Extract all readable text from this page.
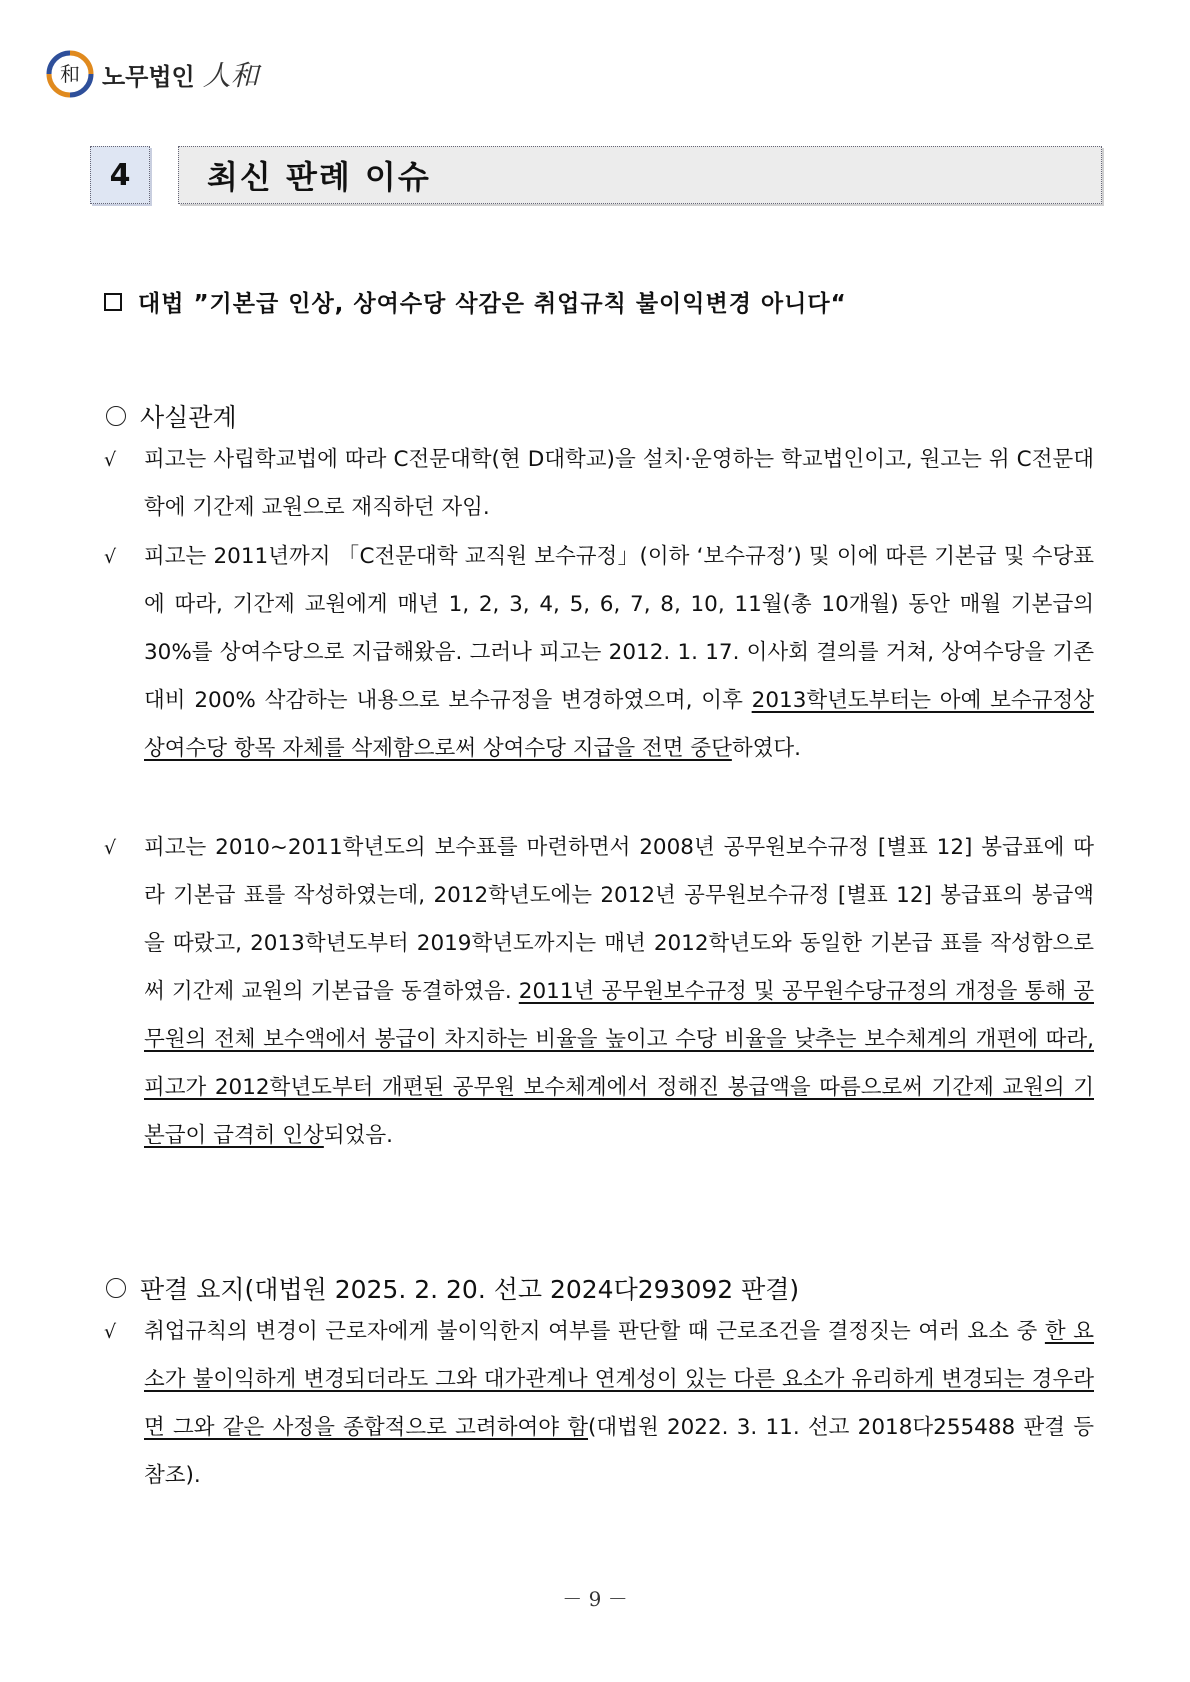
和 노무법인 人和
4	최신 판례 이슈
대법 ”기본급 인상, 상여수당 삭감은 취업규칙 불이익변경 아니다“
사실관계
√	피고는 사립학교법에 따라 C전문대학(현 D대학교)을 설치·운영하는 학교법인이고, 원고는 위 C전문대학에 기간제 교원으로 재직하던 자임.
√	피고는 2011년까지 「C전문대학 교직원 보수규정」(이하 ‘보수규정’) 및 이에 따른 기본급 및 수당표에 따라, 기간제 교원에게 매년 1, 2, 3, 4, 5, 6, 7, 8, 10, 11월(총 10개월) 동안 매월 기본급의 30%를 상여수당으로 지급해왔음. 그러나 피고는 2012. 1. 17. 이사회 결의를 거쳐, 상여수당을 기존 대비 200% 삭감하는 내용으로 보수규정을 변경하였으며, 이후 2013학년도부터는 아예 보수규정상 상여수당 항목 자체를 삭제함으로써 상여수당 지급을 전면 중단하였다.
√	피고는 2010~2011학년도의 보수표를 마련하면서 2008년 공무원보수규정 [별표 12] 봉급표에 따라 기본급 표를 작성하였는데, 2012학년도에는 2012년 공무원보수규정 [별표 12] 봉급표의 봉급액을 따랐고, 2013학년도부터 2019학년도까지는 매년 2012학년도와 동일한 기본급 표를 작성함으로써 기간제 교원의 기본급을 동결하였음. 2011년 공무원보수규정 및 공무원수당규정의 개정을 통해 공무원의 전체 보수액에서 봉급이 차지하는 비율을 높이고 수당 비율을 낮추는 보수체계의 개편에 따라, 피고가 2012학년도부터 개편된 공무원 보수체계에서 정해진 봉급액을 따름으로써 기간제 교원의 기본급이 급격히 인상되었음.
판결 요지(대법원 2025. 2. 20. 선고 2024다293092 판결)
√	취업규칙의 변경이 근로자에게 불이익한지 여부를 판단할 때 근로조건을 결정짓는 여러 요소 중 한 요소가 불이익하게 변경되더라도 그와 대가관계나 연계성이 있는 다른 요소가 유리하게 변경되는 경우라면 그와 같은 사정을 종합적으로 고려하여야 함(대법원 2022. 3. 11. 선고 2018다255488 판결 등 참조).
－ 9 －
